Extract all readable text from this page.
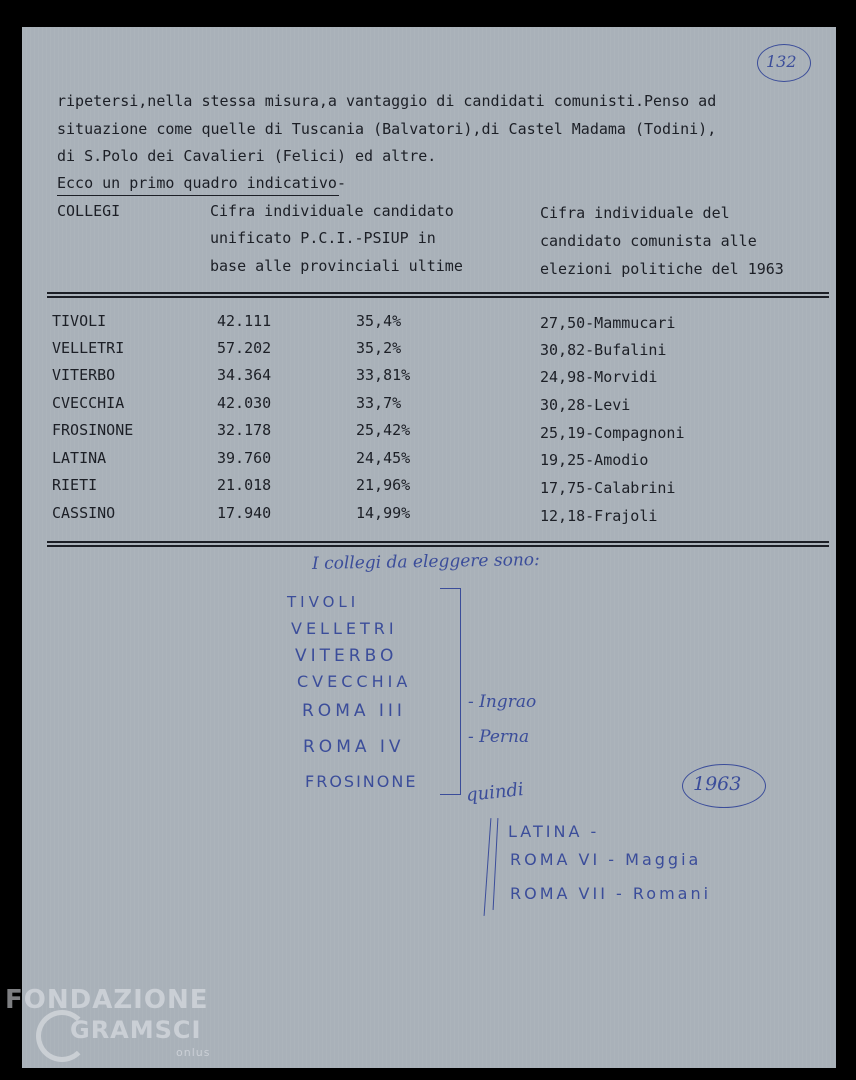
132
ripetersi,nella stessa misura,a vantaggio di candidati comunisti.Penso ad
situazione come quelle di Tuscania (Balvatori),di Castel Madama (Todini),
di S.Polo dei Cavalieri (Felici) ed altre.
Ecco un primo quadro indicativo-
COLLEGI	Cifra individuale candidato
unificato P.C.I.-PSIUP in
base alle provinciali ultime
Cifra individuale del
candidato comunista alle
elezioni politiche del 1963
TIVOLI	42.111	35,4%	27,50-Mammucari
VELLETRI	57.202	35,2%	30,82-Bufalini
VITERBO	34.364	33,81%	24,98-Morvidi
CVECCHIA	42.030	33,7%	30,28-Levi
FROSINONE	32.178	25,42%	25,19-Compagnoni
LATINA	39.760	24,45%	19,25-Amodio
RIETI	21.018	21,96%	17,75-Calabrini
CASSINO	17.940	14,99%	12,18-Frajoli
I collegi da eleggere sono:
TIVOLI
VELLETRI
VITERBO
CVECCHIA
ROMA III
ROMA IV
FROSINONE
- Ingrao
- Perna
1963
quindi
LATINA -
ROMA VI - Maggia
ROMA VII - Romani
FONDAZIONE
GRAMSCI
onlus
